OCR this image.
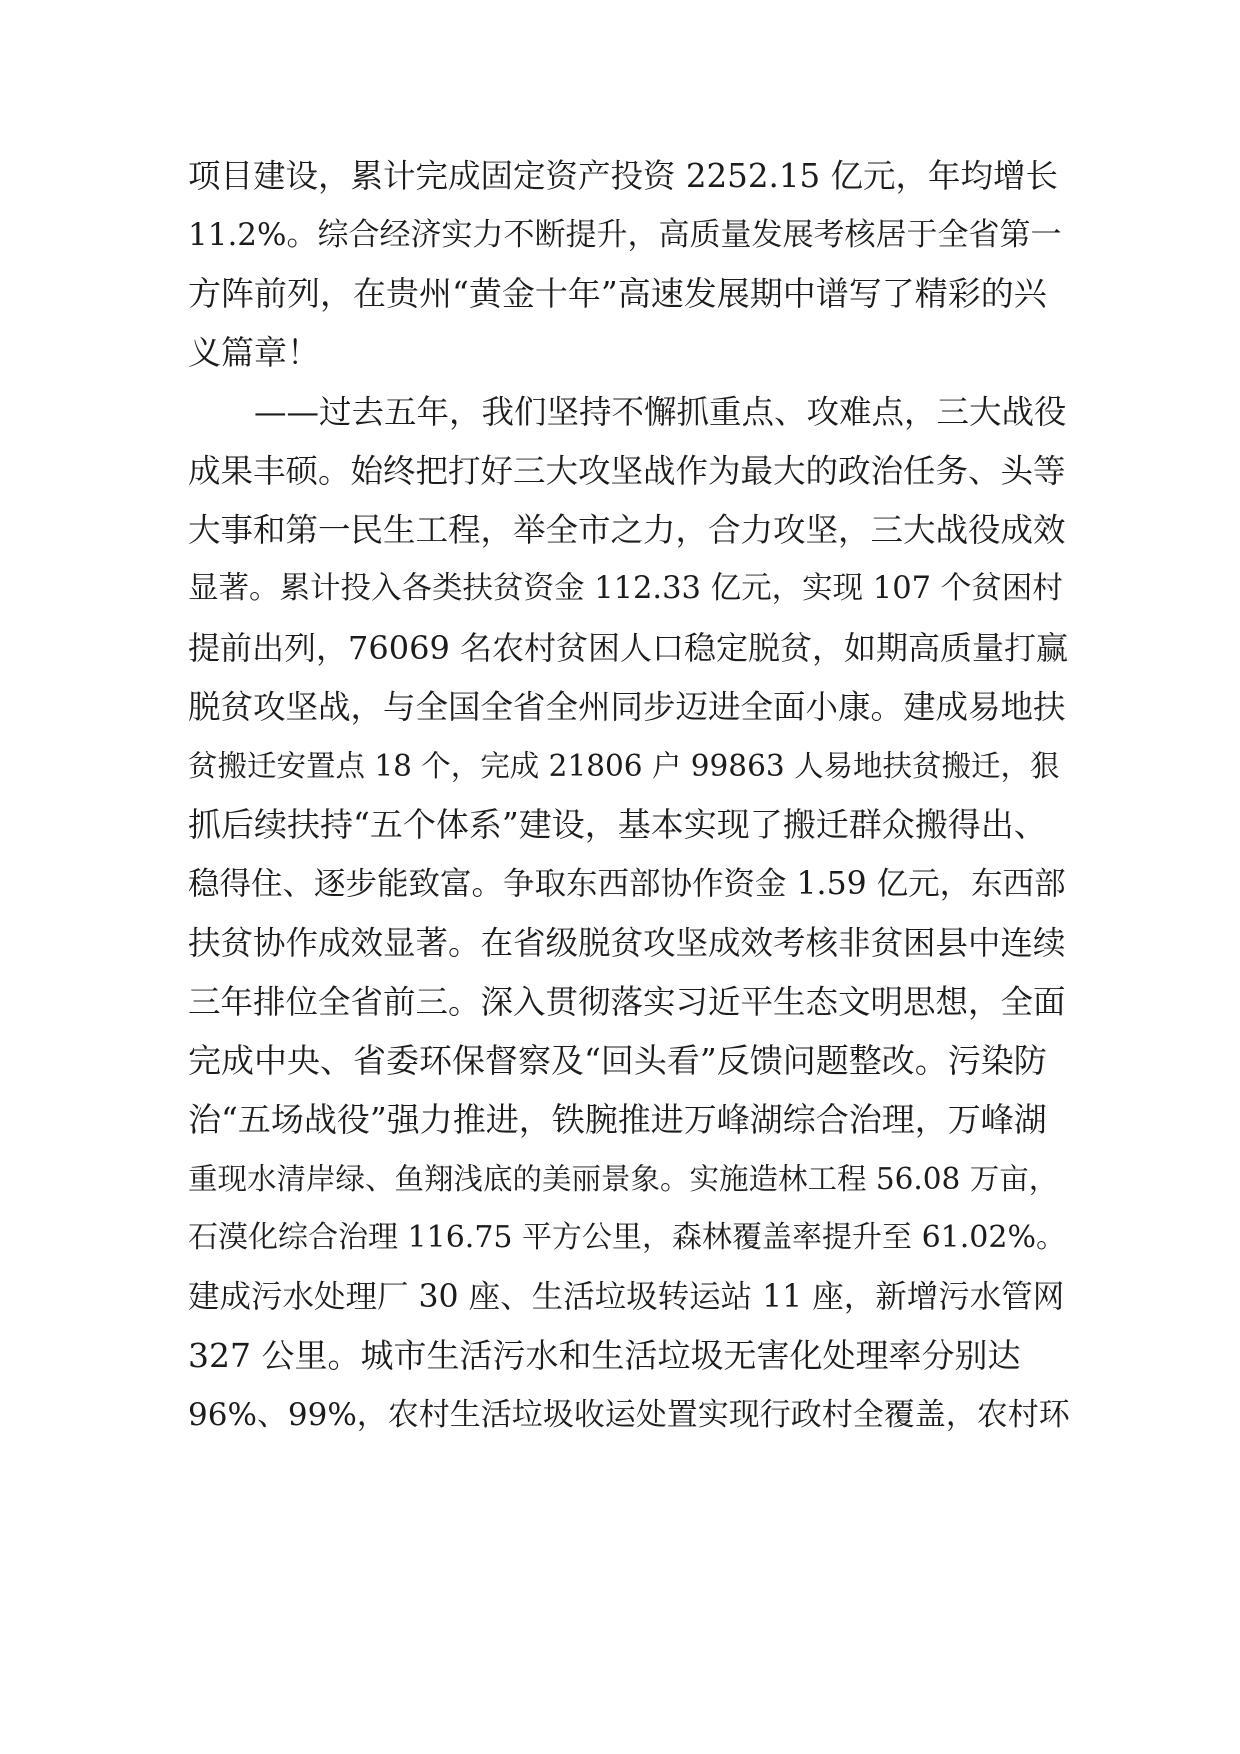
项目建设，累计完成固定资产投资 2252.15 亿元，年均增长

11.2%。综合经济实力不断提升，高质量发展考核居于全省第一

方阵前列，在贵州“黄金十年”高速发展期中谱写了精彩的兴

义篇章！

——过去五年，我们坚持不懈抓重点、攻难点，三大战役

成果丰硕。始终把打好三大攻坚战作为最大的政治任务、头等

大事和第一民生工程，举全市之力，合力攻坚，三大战役成效

显著。累计投入各类扶贫资金 112.33 亿元，实现 107 个贫困村

提前出列，76069 名农村贫困人口稳定脱贫，如期高质量打赢

脱贫攻坚战，与全国全省全州同步迈进全面小康。建成易地扶

贫搬迁安置点 18 个，完成 21806 户 99863 人易地扶贫搬迁，狠

抓后续扶持“五个体系”建设，基本实现了搬迁群众搬得出、

稳得住、逐步能致富。争取东西部协作资金 1.59 亿元，东西部

扶贫协作成效显著。在省级脱贫攻坚成效考核非贫困县中连续

三年排位全省前三。深入贯彻落实习近平生态文明思想，全面

完成中央、省委环保督察及“回头看”反馈问题整改。污染防

治“五场战役”强力推进，铁腕推进万峰湖综合治理，万峰湖

重现水清岸绿、鱼翔浅底的美丽景象。实施造林工程 56.08 万亩，

石漠化综合治理 116.75 平方公里，森林覆盖率提升至 61.02%。

建成污水处理厂 30 座、生活垃圾转运站 11 座，新增污水管网

327 公里。城市生活污水和生活垃圾无害化处理率分别达

96%、99%，农村生活垃圾收运处置实现行政村全覆盖，农村环
